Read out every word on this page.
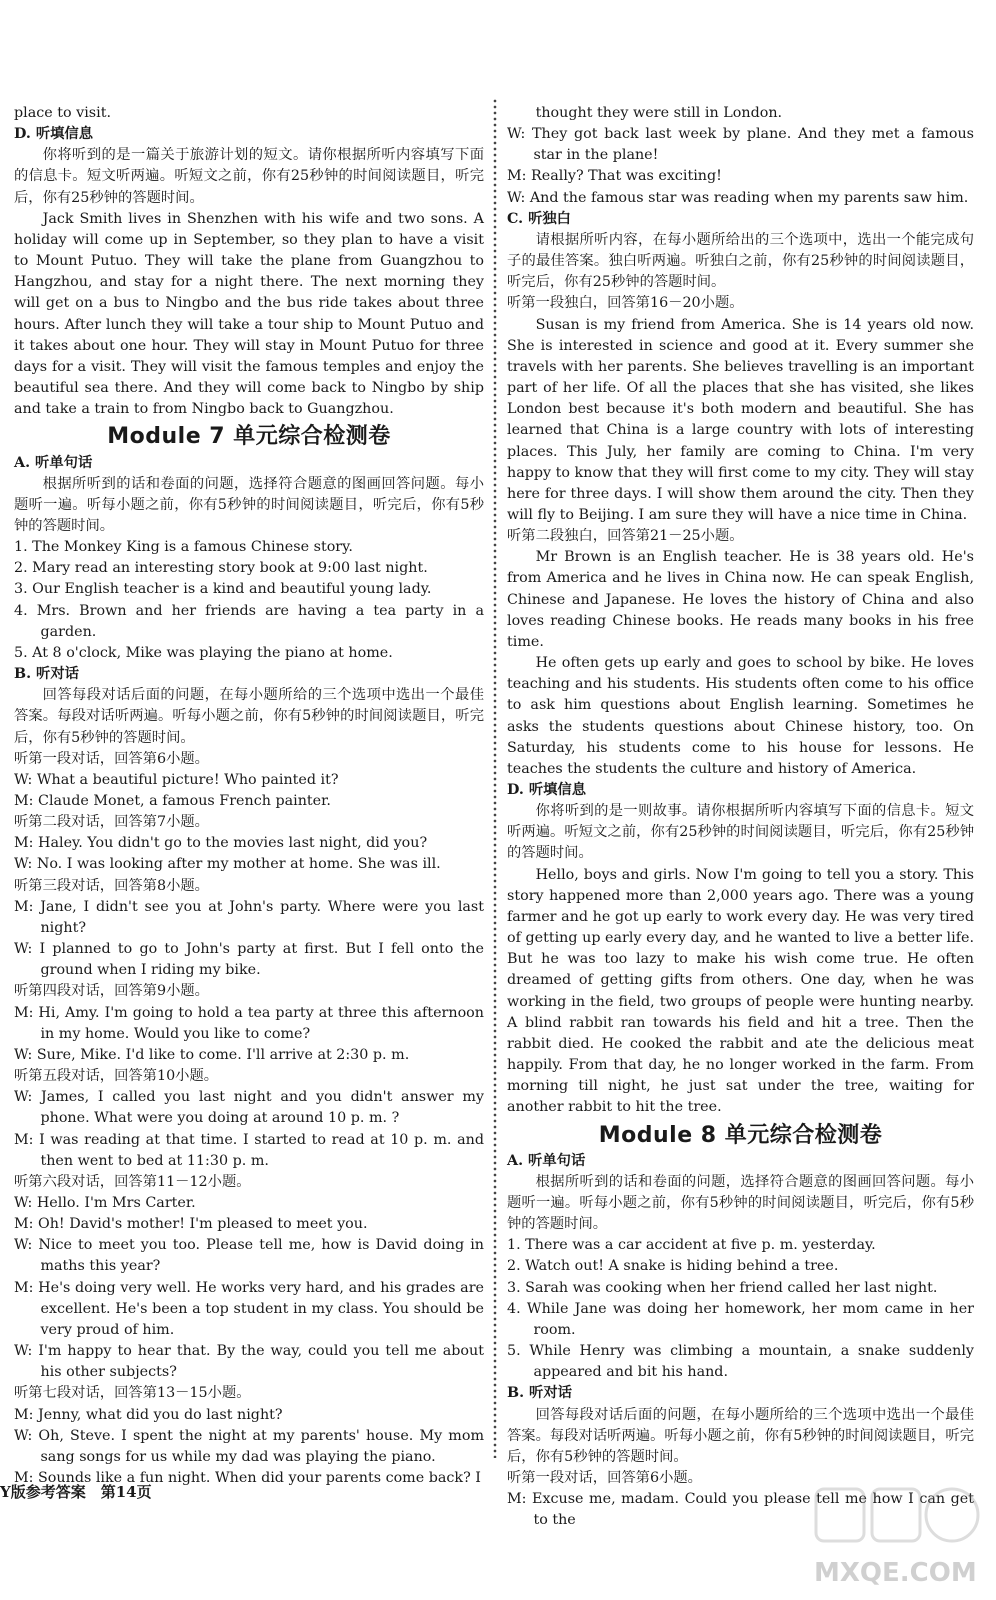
place to visit.
D. 听填信息
你将听到的是一篇关于旅游计划的短文。请你根据所听内容填写下面的信息卡。短文听两遍。听短文之前，你有25秒钟的时间阅读题目，听完后，你有25秒钟的答题时间。
Jack Smith lives in Shenzhen with his wife and two sons. A holiday will come up in September, so they plan to have a visit to Mount Putuo. They will take the plane from Guangzhou to Hangzhou, and stay for a night there. The next morning they will get on a bus to Ningbo and the bus ride takes about three hours. After lunch they will take a tour ship to Mount Putuo and it takes about one hour. They will stay in Mount Putuo for three days for a visit. They will visit the famous temples and enjoy the beautiful sea there. And they will come back to Ningbo by ship and take a train to from Ningbo back to Guangzhou.
Module 7 单元综合检测卷
A. 听单句话
根据所听到的话和卷面的问题，选择符合题意的图画回答问题。每小题听一遍。听每小题之前，你有5秒钟的时间阅读题目，听完后，你有5秒钟的答题时间。
1. The Monkey King is a famous Chinese story.
2. Mary read an interesting story book at 9:00 last night.
3. Our English teacher is a kind and beautiful young lady.
4. Mrs. Brown and her friends are having a tea party in a garden.
5. At 8 o'clock, Mike was playing the piano at home.
B. 听对话
回答每段对话后面的问题，在每小题所给的三个选项中选出一个最佳答案。每段对话听两遍。听每小题之前，你有5秒钟的时间阅读题目，听完后，你有5秒钟的答题时间。
听第一段对话，回答第6小题。
W: What a beautiful picture! Who painted it?
M: Claude Monet, a famous French painter.
听第二段对话，回答第7小题。
M: Haley. You didn't go to the movies last night, did you?
W: No. I was looking after my mother at home. She was ill.
听第三段对话，回答第8小题。
M: Jane, I didn't see you at John's party. Where were you last night?
W: I planned to go to John's party at first. But I fell onto the ground when I riding my bike.
听第四段对话，回答第9小题。
M: Hi, Amy. I'm going to hold a tea party at three this afternoon in my home. Would you like to come?
W: Sure, Mike. I'd like to come. I'll arrive at 2:30 p. m.
听第五段对话，回答第10小题。
W: James, I called you last night and you didn't answer my phone. What were you doing at around 10 p. m. ?
M: I was reading at that time. I started to read at 10 p. m. and then went to bed at 11:30 p. m.
听第六段对话，回答第11－12小题。
W: Hello. I'm Mrs Carter.
M: Oh! David's mother! I'm pleased to meet you.
W: Nice to meet you too. Please tell me, how is David doing in maths this year?
M: He's doing very well. He works very hard, and his grades are excellent. He's been a top student in my class. You should be very proud of him.
W: I'm happy to hear that. By the way, could you tell me about his other subjects?
听第七段对话，回答第13－15小题。
M: Jenny, what did you do last night?
W: Oh, Steve. I spent the night at my parents' house. My mom sang songs for us while my dad was playing the piano.
M: Sounds like a fun night. When did your parents come back? I
　　thought they were still in London.
W: They got back last week by plane. And they met a famous star in the plane!
M: Really? That was exciting!
W: And the famous star was reading when my parents saw him.
C. 听独白
请根据所听内容，在每小题所给出的三个选项中，选出一个能完成句子的最佳答案。独白听两遍。听独白之前，你有25秒钟的时间阅读题目，听完后，你有25秒钟的答题时间。
听第一段独白，回答第16－20小题。
Susan is my friend from America. She is 14 years old now. She is interested in science and good at it. Every summer she travels with her parents. She believes travelling is an important part of her life. Of all the places that she has visited, she likes London best because it's both modern and beautiful. She has learned that China is a large country with lots of interesting places. This July, her family are coming to China. I'm very happy to know that they will first come to my city. They will stay here for three days. I will show them around the city. Then they will fly to Beijing. I am sure they will have a nice time in China.
听第二段独白，回答第21－25小题。
Mr Brown is an English teacher. He is 38 years old. He's from America and he lives in China now. He can speak English, Chinese and Japanese. He loves the history of China and also loves reading Chinese books. He reads many books in his free time.
He often gets up early and goes to school by bike. He loves teaching and his students. His students often come to his office to ask him questions about English learning. Sometimes he asks the students questions about Chinese history, too. On Saturday, his students come to his house for lessons. He teaches the students the culture and history of America.
D. 听填信息
你将听到的是一则故事。请你根据所听内容填写下面的信息卡。短文听两遍。听短文之前，你有25秒钟的时间阅读题目，听完后，你有25秒钟的答题时间。
Hello, boys and girls. Now I'm going to tell you a story. This story happened more than 2,000 years ago. There was a young farmer and he got up early to work every day. He was very tired of getting up early every day, and he wanted to live a better life. But he was too lazy to make his wish come true. He often dreamed of getting gifts from others. One day, when he was working in the field, two groups of people were hunting nearby. A blind rabbit ran towards his field and hit a tree. Then the rabbit died. He cooked the rabbit and ate the delicious meat happily. From that day, he no longer worked in the farm. From morning till night, he just sat under the tree, waiting for another rabbit to hit the tree.
Module 8 单元综合检测卷
A. 听单句话
根据所听到的话和卷面的问题，选择符合题意的图画回答问题。每小题听一遍。听每小题之前，你有5秒钟的时间阅读题目，听完后，你有5秒钟的答题时间。
1. There was a car accident at five p. m. yesterday.
2. Watch out! A snake is hiding behind a tree.
3. Sarah was cooking when her friend called her last night.
4. While Jane was doing her homework, her mom came in her room.
5. While Henry was climbing a mountain, a snake suddenly appeared and bit his hand.
B. 听对话
回答每段对话后面的问题，在每小题所给的三个选项中选出一个最佳答案。每段对话听两遍。听每小题之前，你有5秒钟的时间阅读题目，听完后，你有5秒钟的答题时间。
听第一段对话，回答第6小题。
M: Excuse me, madam. Could you please tell me how I can get to the
Y版参考答案　第14页
MXQE.COM
